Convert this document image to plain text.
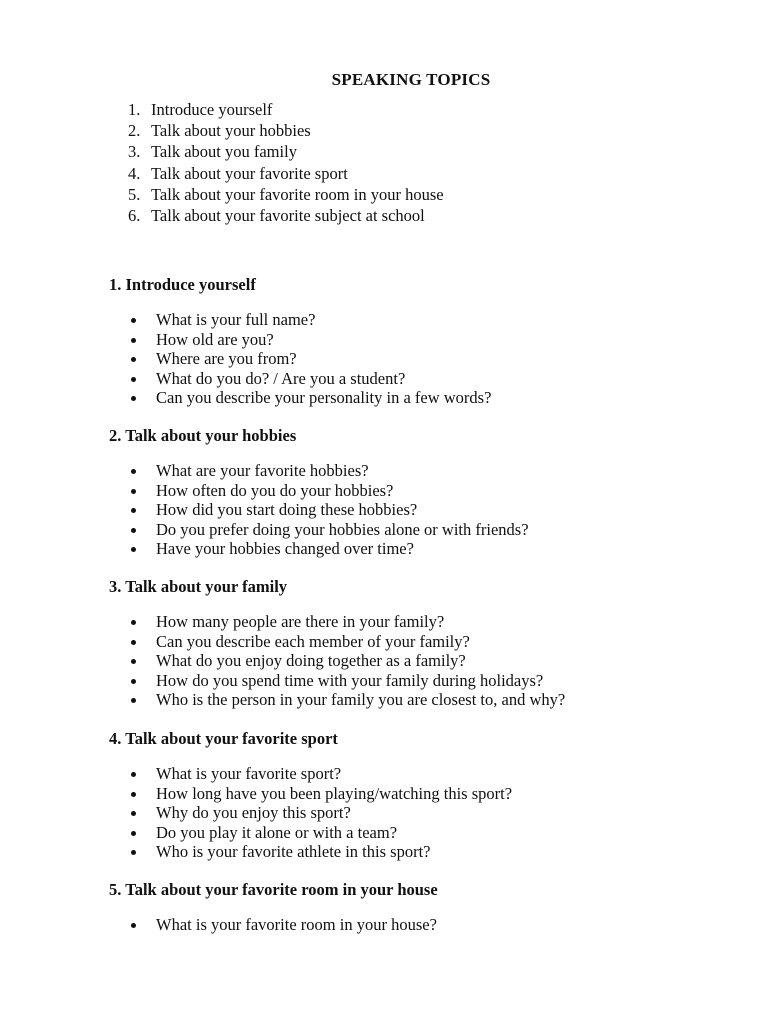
SPEAKING TOPICS
1. Introduce yourself
2. Talk about your hobbies
3. Talk about you family
4. Talk about your favorite sport
5. Talk about your favorite room in your house
6. Talk about your favorite subject at school
1. Introduce yourself
What is your full name?
How old are you?
Where are you from?
What do you do? / Are you a student?
Can you describe your personality in a few words?
2. Talk about your hobbies
What are your favorite hobbies?
How often do you do your hobbies?
How did you start doing these hobbies?
Do you prefer doing your hobbies alone or with friends?
Have your hobbies changed over time?
3. Talk about your family
How many people are there in your family?
Can you describe each member of your family?
What do you enjoy doing together as a family?
How do you spend time with your family during holidays?
Who is the person in your family you are closest to, and why?
4. Talk about your favorite sport
What is your favorite sport?
How long have you been playing/watching this sport?
Why do you enjoy this sport?
Do you play it alone or with a team?
Who is your favorite athlete in this sport?
5. Talk about your favorite room in your house
What is your favorite room in your house?
